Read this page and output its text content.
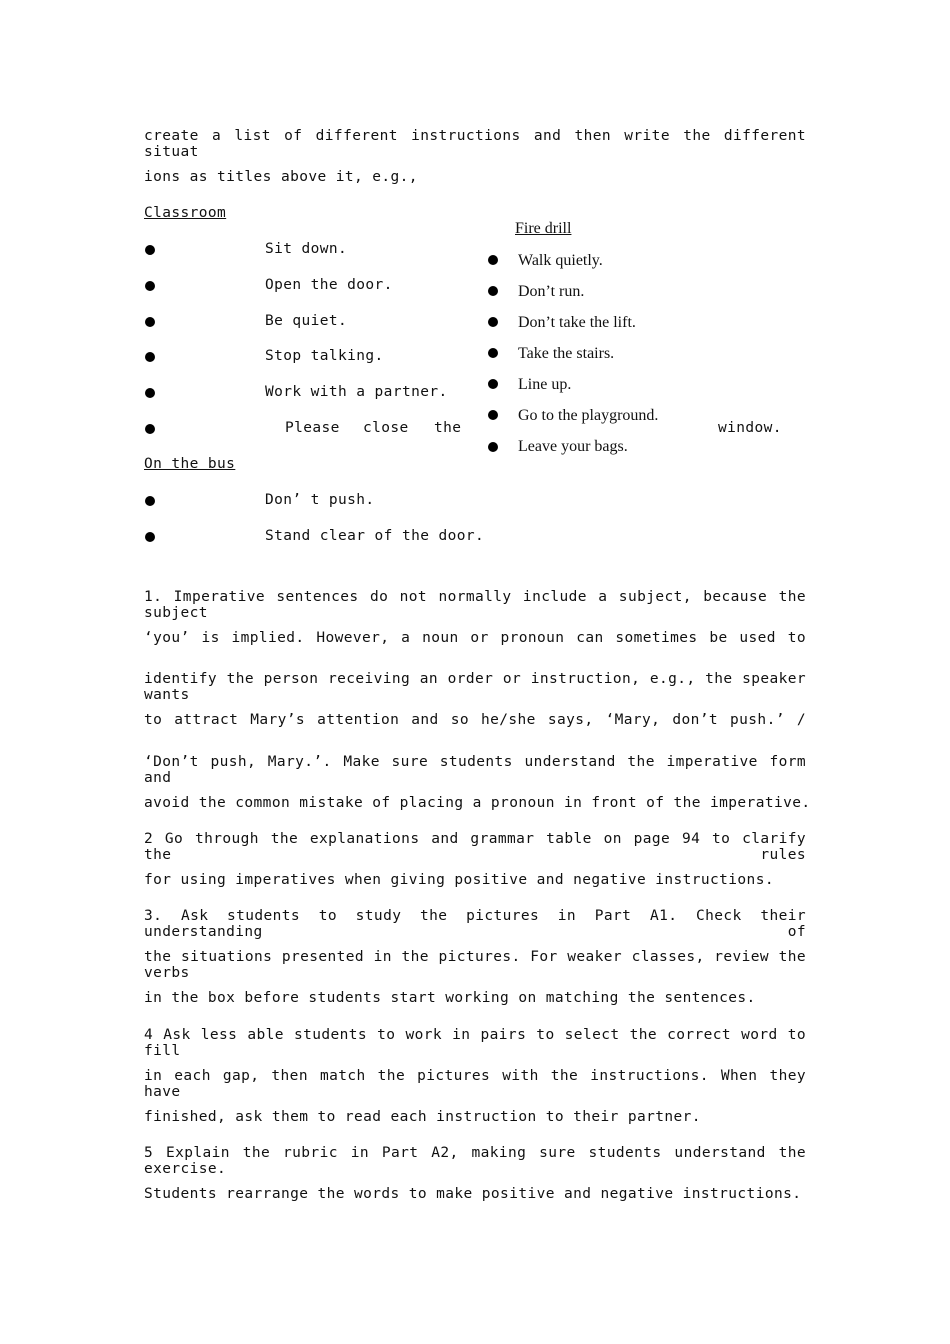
create a list of different instructions and then write the different situat
ions as titles above it, e.g.,
Classroom
Sit down.
Open the door.
Be quiet.
Stop talking.
Work with a partner.
Please close the	window.
On the bus
Don’ t push.
Stand clear of the door.
Fire drill
Walk quietly.
Don’t run.
Don’t take the lift.
Take the stairs.
Line up.
Go to the playground.
Leave your bags.
1. Imperative sentences do not normally include a subject, because the subject
‘you’ is implied. However, a noun or pronoun can sometimes be used to
identify the person receiving an order or instruction, e.g., the speaker wants
to attract Mary’s attention and so he/she says, ‘Mary, don’t push.’ /
‘Don’t push, Mary.’. Make sure students understand the imperative form and
avoid the common mistake of placing a pronoun in front of the imperative.
2 Go through the explanations and grammar table on page 94 to clarify the rules
for using imperatives when giving positive and negative instructions.
3. Ask students to study the pictures in Part A1. Check their understanding of
the situations presented in the pictures. For weaker classes, review the verbs
in the box before students start working on matching the sentences.
4 Ask less able students to work in pairs to select the correct word to fill
in each gap, then match the pictures with the instructions. When they have
finished, ask them to read each instruction to their partner.
5 Explain the rubric in Part A2, making sure students understand the exercise.
Students rearrange the words to make positive and negative instructions.
